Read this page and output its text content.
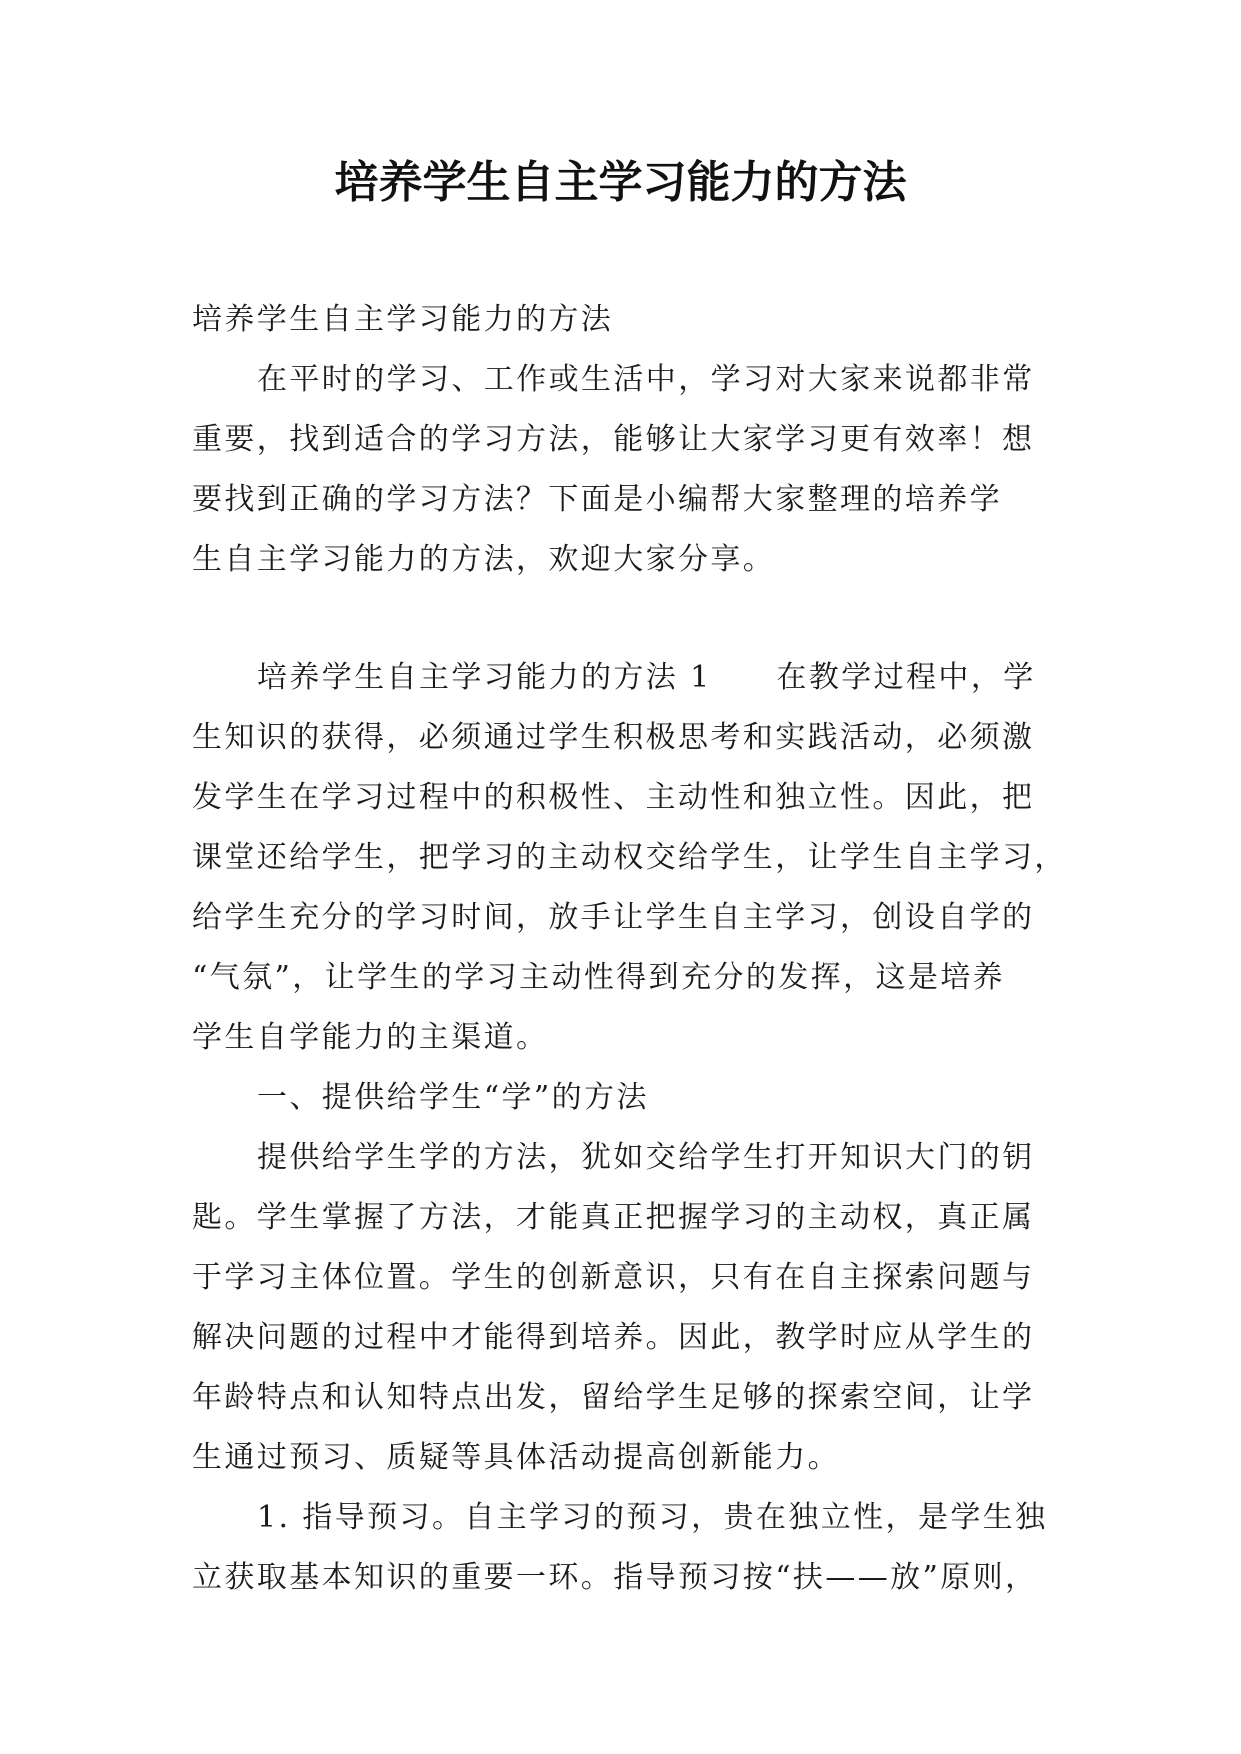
培养学生自主学习能力的方法
培养学生自主学习能力的方法
在平时的学习、工作或生活中，学习对大家来说都非常
重要，找到适合的学习方法，能够让大家学习更有效率！想
要找到正确的学习方法？下面是小编帮大家整理的培养学
生自主学习能力的方法，欢迎大家分享。
培养学生自主学习能力的方法 1　　在教学过程中，学
生知识的获得，必须通过学生积极思考和实践活动，必须激
发学生在学习过程中的积极性、主动性和独立性。因此，把
课堂还给学生，把学习的主动权交给学生，让学生自主学习，
给学生充分的学习时间，放手让学生自主学习，创设自学的
“气氛”，让学生的学习主动性得到充分的发挥，这是培养
学生自学能力的主渠道。
一、提供给学生“学”的方法
提供给学生学的方法，犹如交给学生打开知识大门的钥
匙。学生掌握了方法，才能真正把握学习的主动权，真正属
于学习主体位置。学生的创新意识，只有在自主探索问题与
解决问题的过程中才能得到培养。因此，教学时应从学生的
年龄特点和认知特点出发，留给学生足够的探索空间，让学
生通过预习、质疑等具体活动提高创新能力。
1. 指导预习。自主学习的预习，贵在独立性，是学生独
立获取基本知识的重要一环。指导预习按“扶——放”原则，
